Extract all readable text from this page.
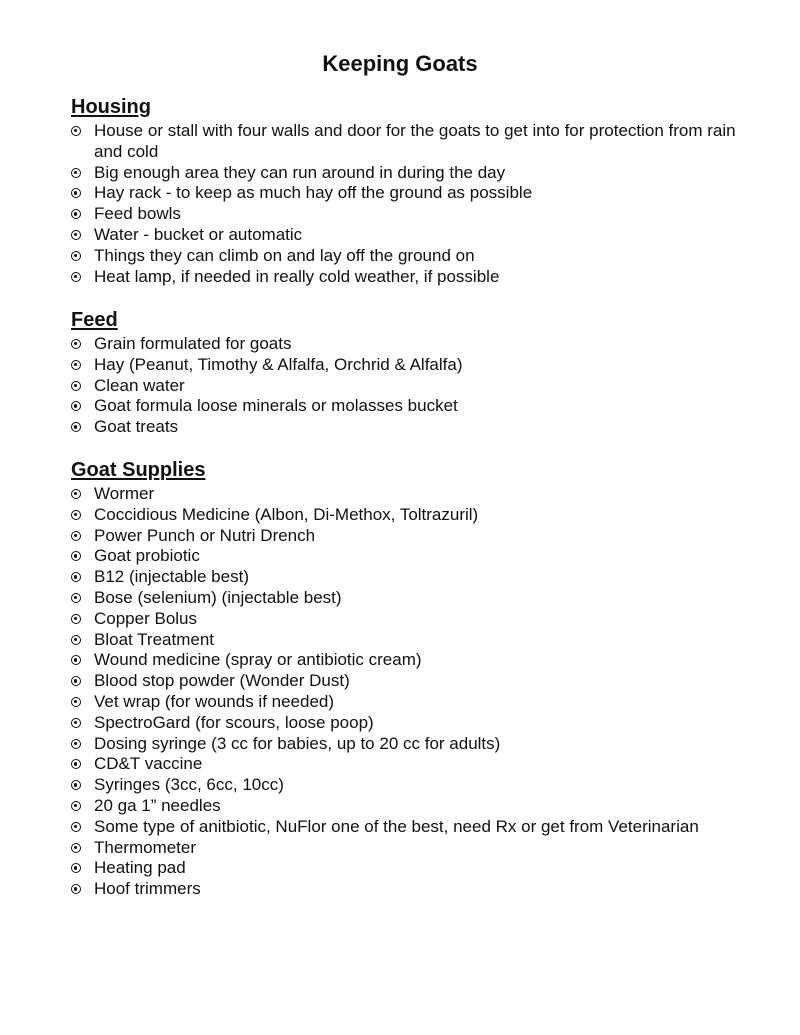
Keeping Goats
Housing
House or stall with four walls and door for the goats to get into for protection from rain and cold
Big enough area they can run around in during the day
Hay rack - to keep as much hay off the ground as possible
Feed bowls
Water - bucket or automatic
Things they can climb on and lay off the ground on
Heat lamp, if needed in really cold weather, if possible
Feed
Grain formulated for goats
Hay (Peanut, Timothy & Alfalfa, Orchrid & Alfalfa)
Clean water
Goat formula loose minerals or molasses bucket
Goat treats
Goat Supplies
Wormer
Coccidious Medicine (Albon, Di-Methox, Toltrazuril)
Power Punch or Nutri Drench
Goat probiotic
B12 (injectable best)
Bose (selenium) (injectable best)
Copper Bolus
Bloat Treatment
Wound medicine (spray or antibiotic cream)
Blood stop powder (Wonder Dust)
Vet wrap (for wounds if needed)
SpectroGard (for scours, loose poop)
Dosing syringe (3 cc for babies, up to 20 cc for adults)
CD&T vaccine
Syringes (3cc, 6cc, 10cc)
20 ga 1” needles
Some type of anitbiotic, NuFlor one of the best, need Rx or get from Veterinarian
Thermometer
Heating pad
Hoof trimmers
